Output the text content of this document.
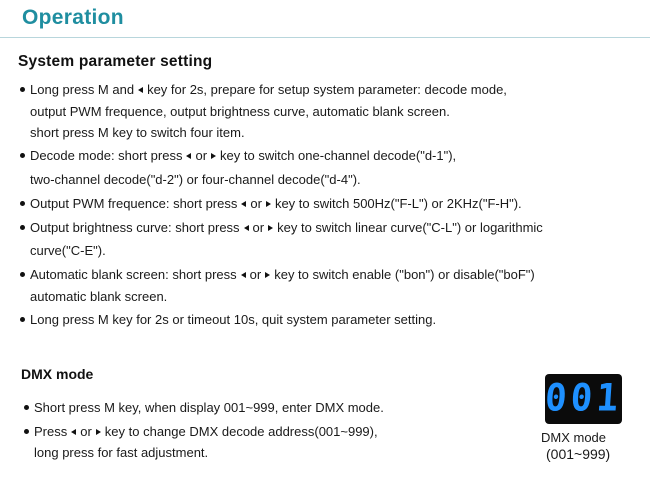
Operation
System parameter setting
Long press M and key for 2s, prepare for setup system parameter: decode mode,
output PWM frequence, output brightness curve, automatic blank screen.
short press M key to switch four item.
Decode mode: short press or key to switch one-channel decode("d-1"),
two-channel decode("d-2") or four-channel decode("d-4").
Output PWM frequence: short press or key to switch 500Hz("F-L") or 2KHz("F-H").
Output brightness curve: short press or key to switch linear curve("C-L") or logarithmic
curve("C-E").
Automatic blank screen: short press or key to switch enable ("bon") or disable("boF")
automatic blank screen.
Long press M key for 2s or timeout 10s, quit system parameter setting.
DMX mode
Short press M key, when display 001~999, enter DMX mode.
Press or key to change DMX decode address(001~999),
long press for fast adjustment.
001
DMX mode
(001~999)
